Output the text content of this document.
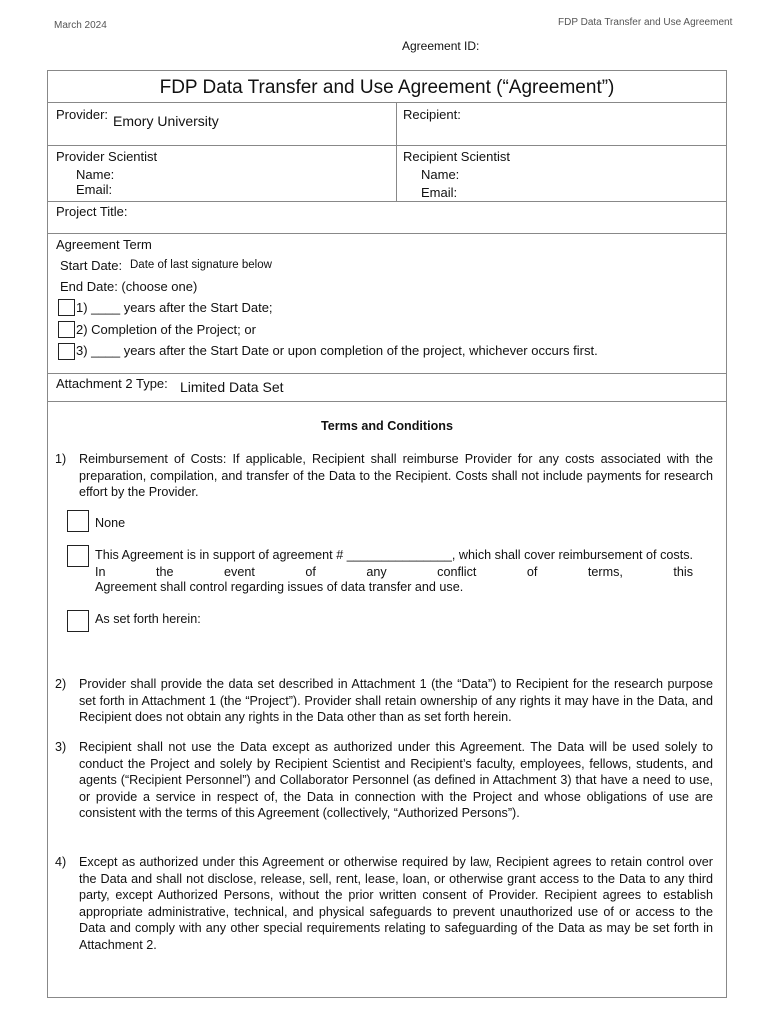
March 2024	FDP Data Transfer and Use Agreement
Agreement ID:
FDP Data Transfer and Use Agreement (“Agreement”)
Provider: Emory University	Recipient:
Provider Scientist
Name:
Email:
Recipient Scientist
Name:
Email:
Project Title:
Agreement Term
Start Date: Date of last signature below
End Date: (choose one)
1) ____ years after the Start Date;
2) Completion of the Project; or
3) ____ years after the Start Date or upon completion of the project, whichever occurs first.
Attachment 2 Type: Limited Data Set
Terms and Conditions
1) Reimbursement of Costs: If applicable, Recipient shall reimburse Provider for any costs associated with the preparation, compilation, and transfer of the Data to the Recipient. Costs shall not include payments for research effort by the Provider.
None
This Agreement is in support of agreement # _______________, which shall cover reimbursement of costs. In the event of any conflict of terms, this
Agreement shall control regarding issues of data transfer and use.
As set forth herein:
2) Provider shall provide the data set described in Attachment 1 (the “Data”) to Recipient for the research purpose set forth in Attachment 1 (the “Project”). Provider shall retain ownership of any rights it may have in the Data, and Recipient does not obtain any rights in the Data other than as set forth herein.
3) Recipient shall not use the Data except as authorized under this Agreement. The Data will be used solely to conduct the Project and solely by Recipient Scientist and Recipient’s faculty, employees, fellows, students, and agents (“Recipient Personnel”) and Collaborator Personnel (as defined in Attachment 3) that have a need to use, or provide a service in respect of, the Data in connection with the Project and whose obligations of use are consistent with the terms of this Agreement (collectively, “Authorized Persons”).
4) Except as authorized under this Agreement or otherwise required by law, Recipient agrees to retain control over the Data and shall not disclose, release, sell, rent, lease, loan, or otherwise grant access to the Data to any third party, except Authorized Persons, without the prior written consent of Provider. Recipient agrees to establish appropriate administrative, technical, and physical safeguards to prevent unauthorized use of or access to the Data and comply with any other special requirements relating to safeguarding of the Data as may be set forth in Attachment 2.
